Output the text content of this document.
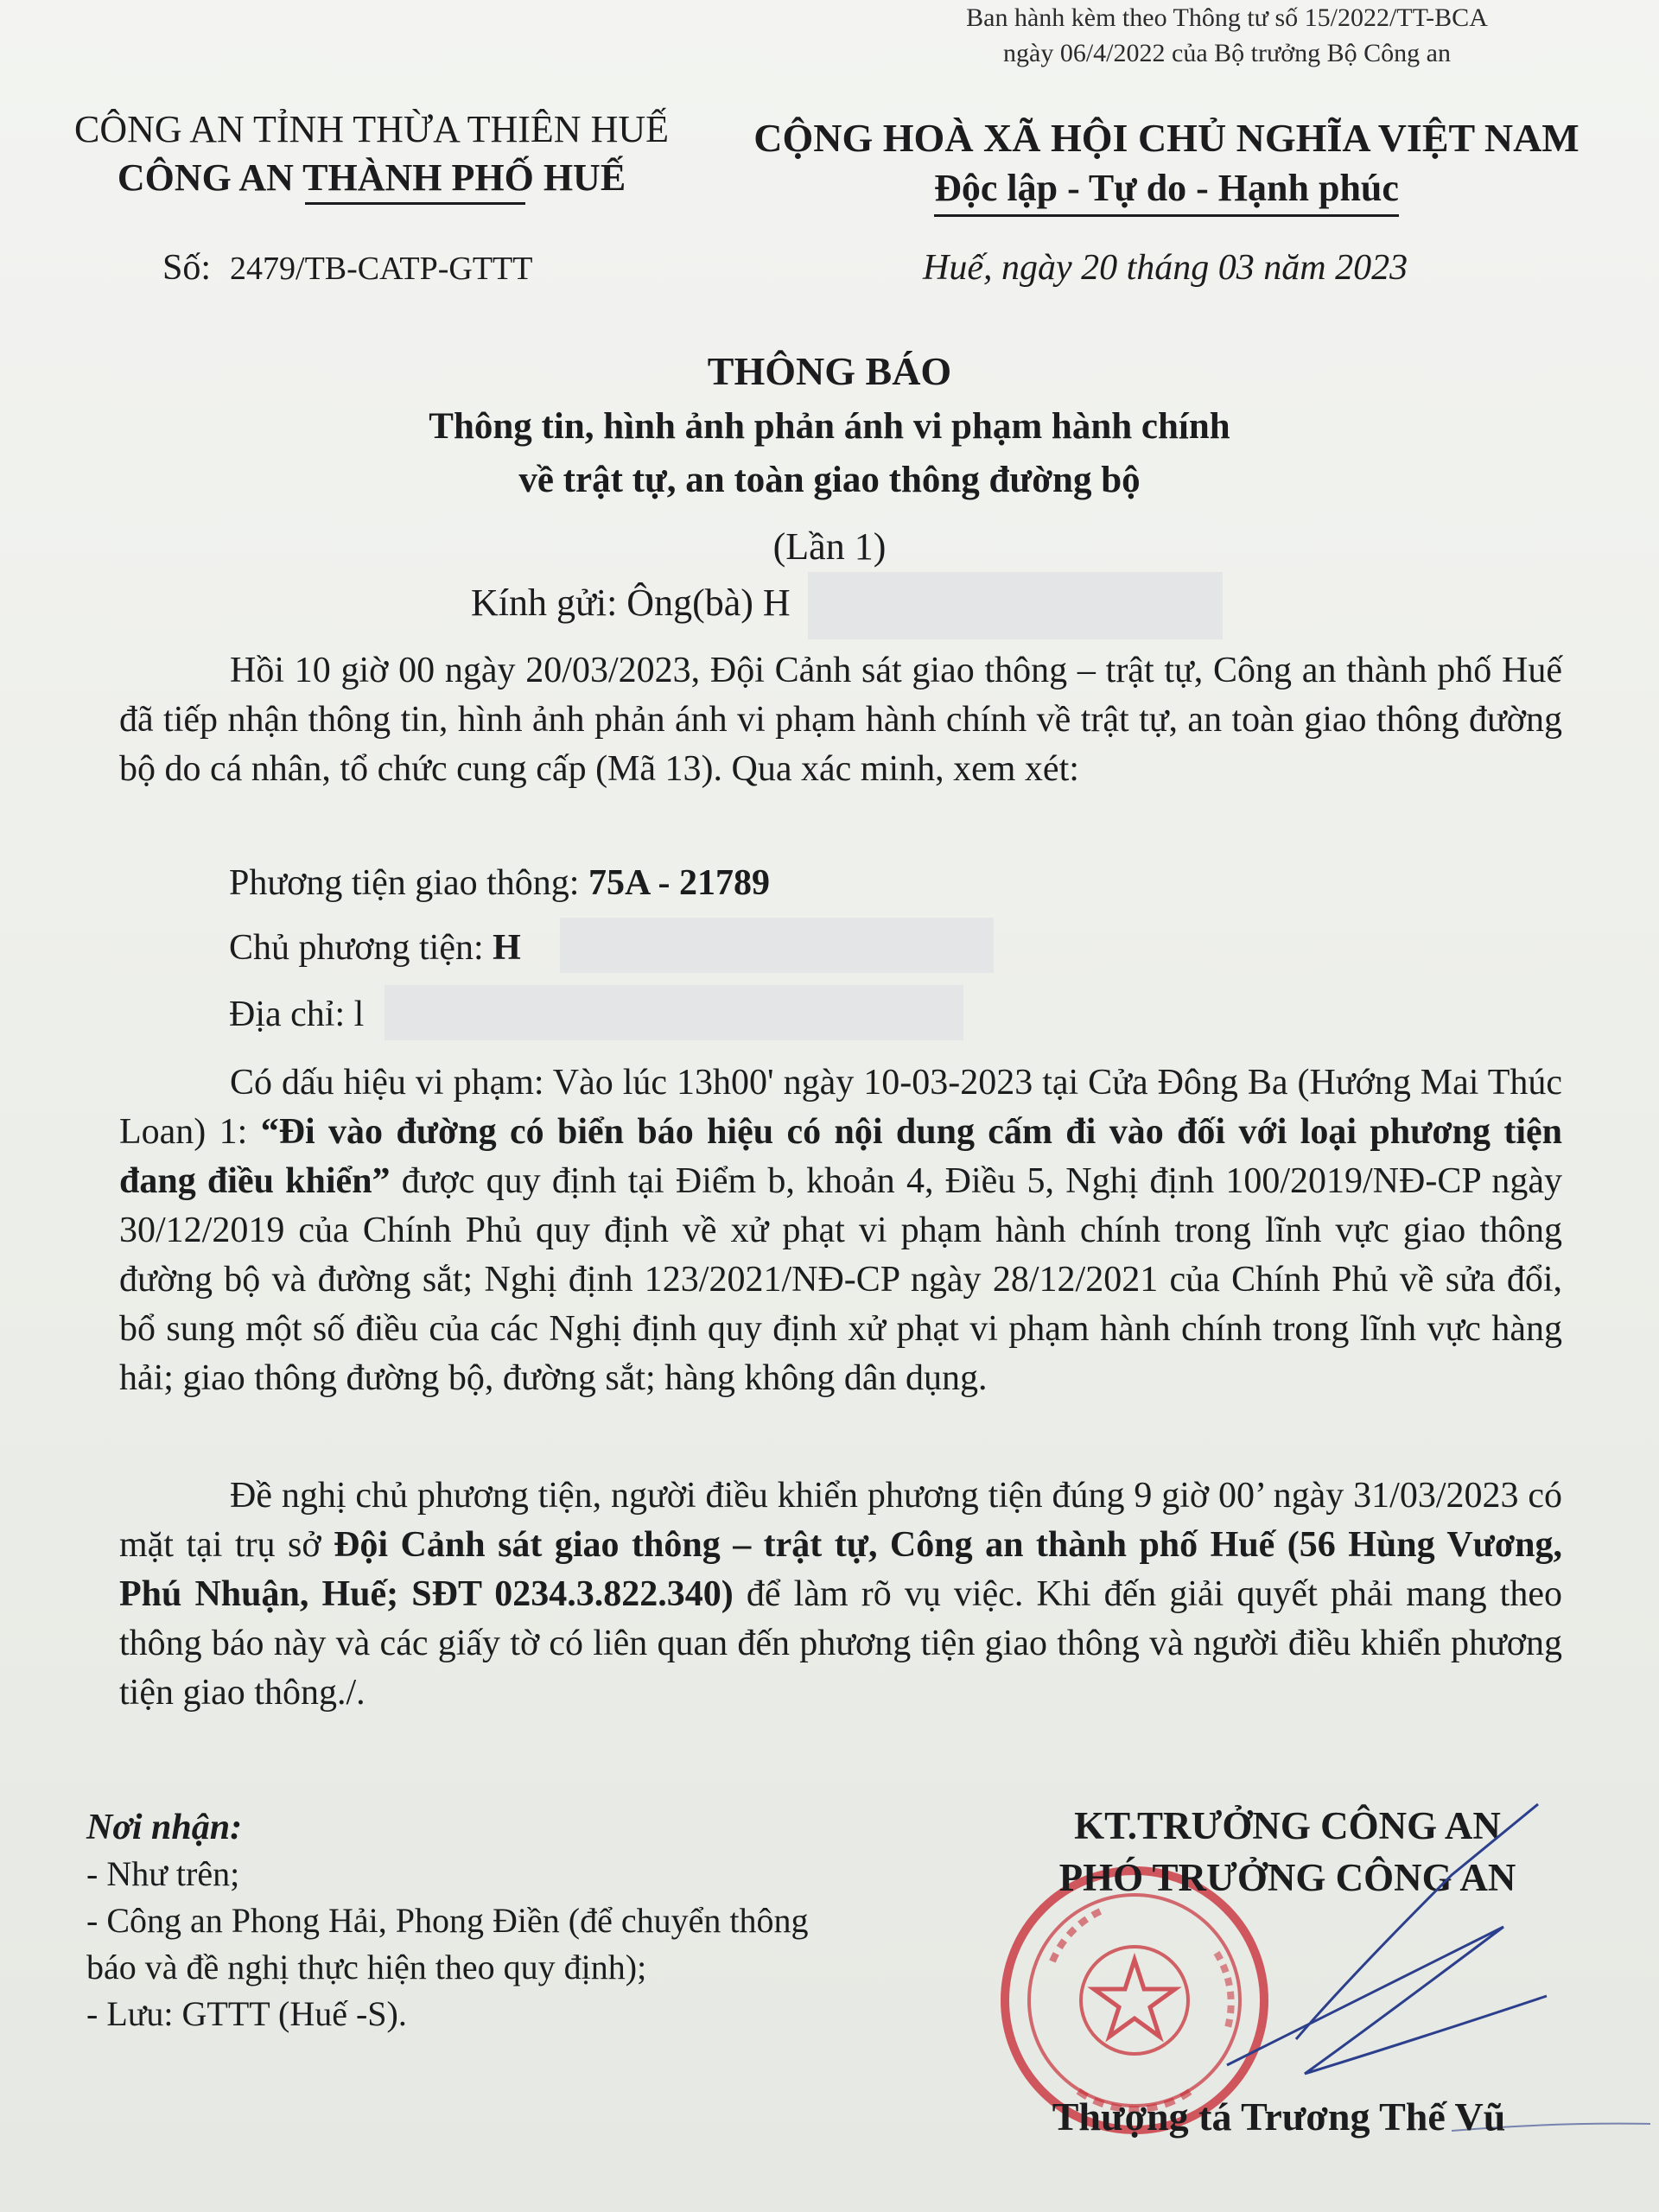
Ban hành kèm theo Thông tư số 15/2022/TT-BCA
ngày 06/4/2022 của Bộ trưởng Bộ Công an
CÔNG AN TỈNH THỪA THIÊN HUẾ
CÔNG AN THÀNH PHỐ HUẾ
CỘNG HOÀ XÃ HỘI CHỦ NGHĨA VIỆT NAM
Độc lập - Tự do - Hạnh phúc
Số: 2479/TB-CATP-GTTT	Huế, ngày 20 tháng 03 năm 2023
THÔNG BÁO
Thông tin, hình ảnh phản ánh vi phạm hành chính
về trật tự, an toàn giao thông đường bộ
(Lần 1)
Kính gửi: Ông(bà) H
Hồi 10 giờ 00 ngày 20/03/2023, Đội Cảnh sát giao thông – trật tự, Công an thành phố Huế đã tiếp nhận thông tin, hình ảnh phản ánh vi phạm hành chính về trật tự, an toàn giao thông đường bộ do cá nhân, tổ chức cung cấp (Mã 13). Qua xác minh, xem xét:
Phương tiện giao thông: 75A - 21789
Chủ phương tiện: H
Địa chỉ: l
Có dấu hiệu vi phạm: Vào lúc 13h00' ngày 10-03-2023 tại Cửa Đông Ba (Hướng Mai Thúc Loan) 1: “Đi vào đường có biển báo hiệu có nội dung cấm đi vào đối với loại phương tiện đang điều khiển” được quy định tại Điểm b, khoản 4, Điều 5, Nghị định 100/2019/NĐ-CP ngày 30/12/2019 của Chính Phủ quy định về xử phạt vi phạm hành chính trong lĩnh vực giao thông đường bộ và đường sắt; Nghị định 123/2021/NĐ-CP ngày 28/12/2021 của Chính Phủ về sửa đổi, bổ sung một số điều của các Nghị định quy định xử phạt vi phạm hành chính trong lĩnh vực hàng hải; giao thông đường bộ, đường sắt; hàng không dân dụng.
Đề nghị chủ phương tiện, người điều khiển phương tiện đúng 9 giờ 00’ ngày 31/03/2023 có mặt tại trụ sở Đội Cảnh sát giao thông – trật tự, Công an thành phố Huế (56 Hùng Vương, Phú Nhuận, Huế; SĐT 0234.3.822.340) để làm rõ vụ việc. Khi đến giải quyết phải mang theo thông báo này và các giấy tờ có liên quan đến phương tiện giao thông và người điều khiển phương tiện giao thông./.
Nơi nhận:
- Như trên;
- Công an Phong Hải, Phong Điền (để chuyển thông
báo và đề nghị thực hiện theo quy định);
- Lưu: GTTT (Huế -S).
KT.TRƯỞNG CÔNG AN
PHÓ TRƯỞNG CÔNG AN
Thượng tá Trương Thế Vũ
